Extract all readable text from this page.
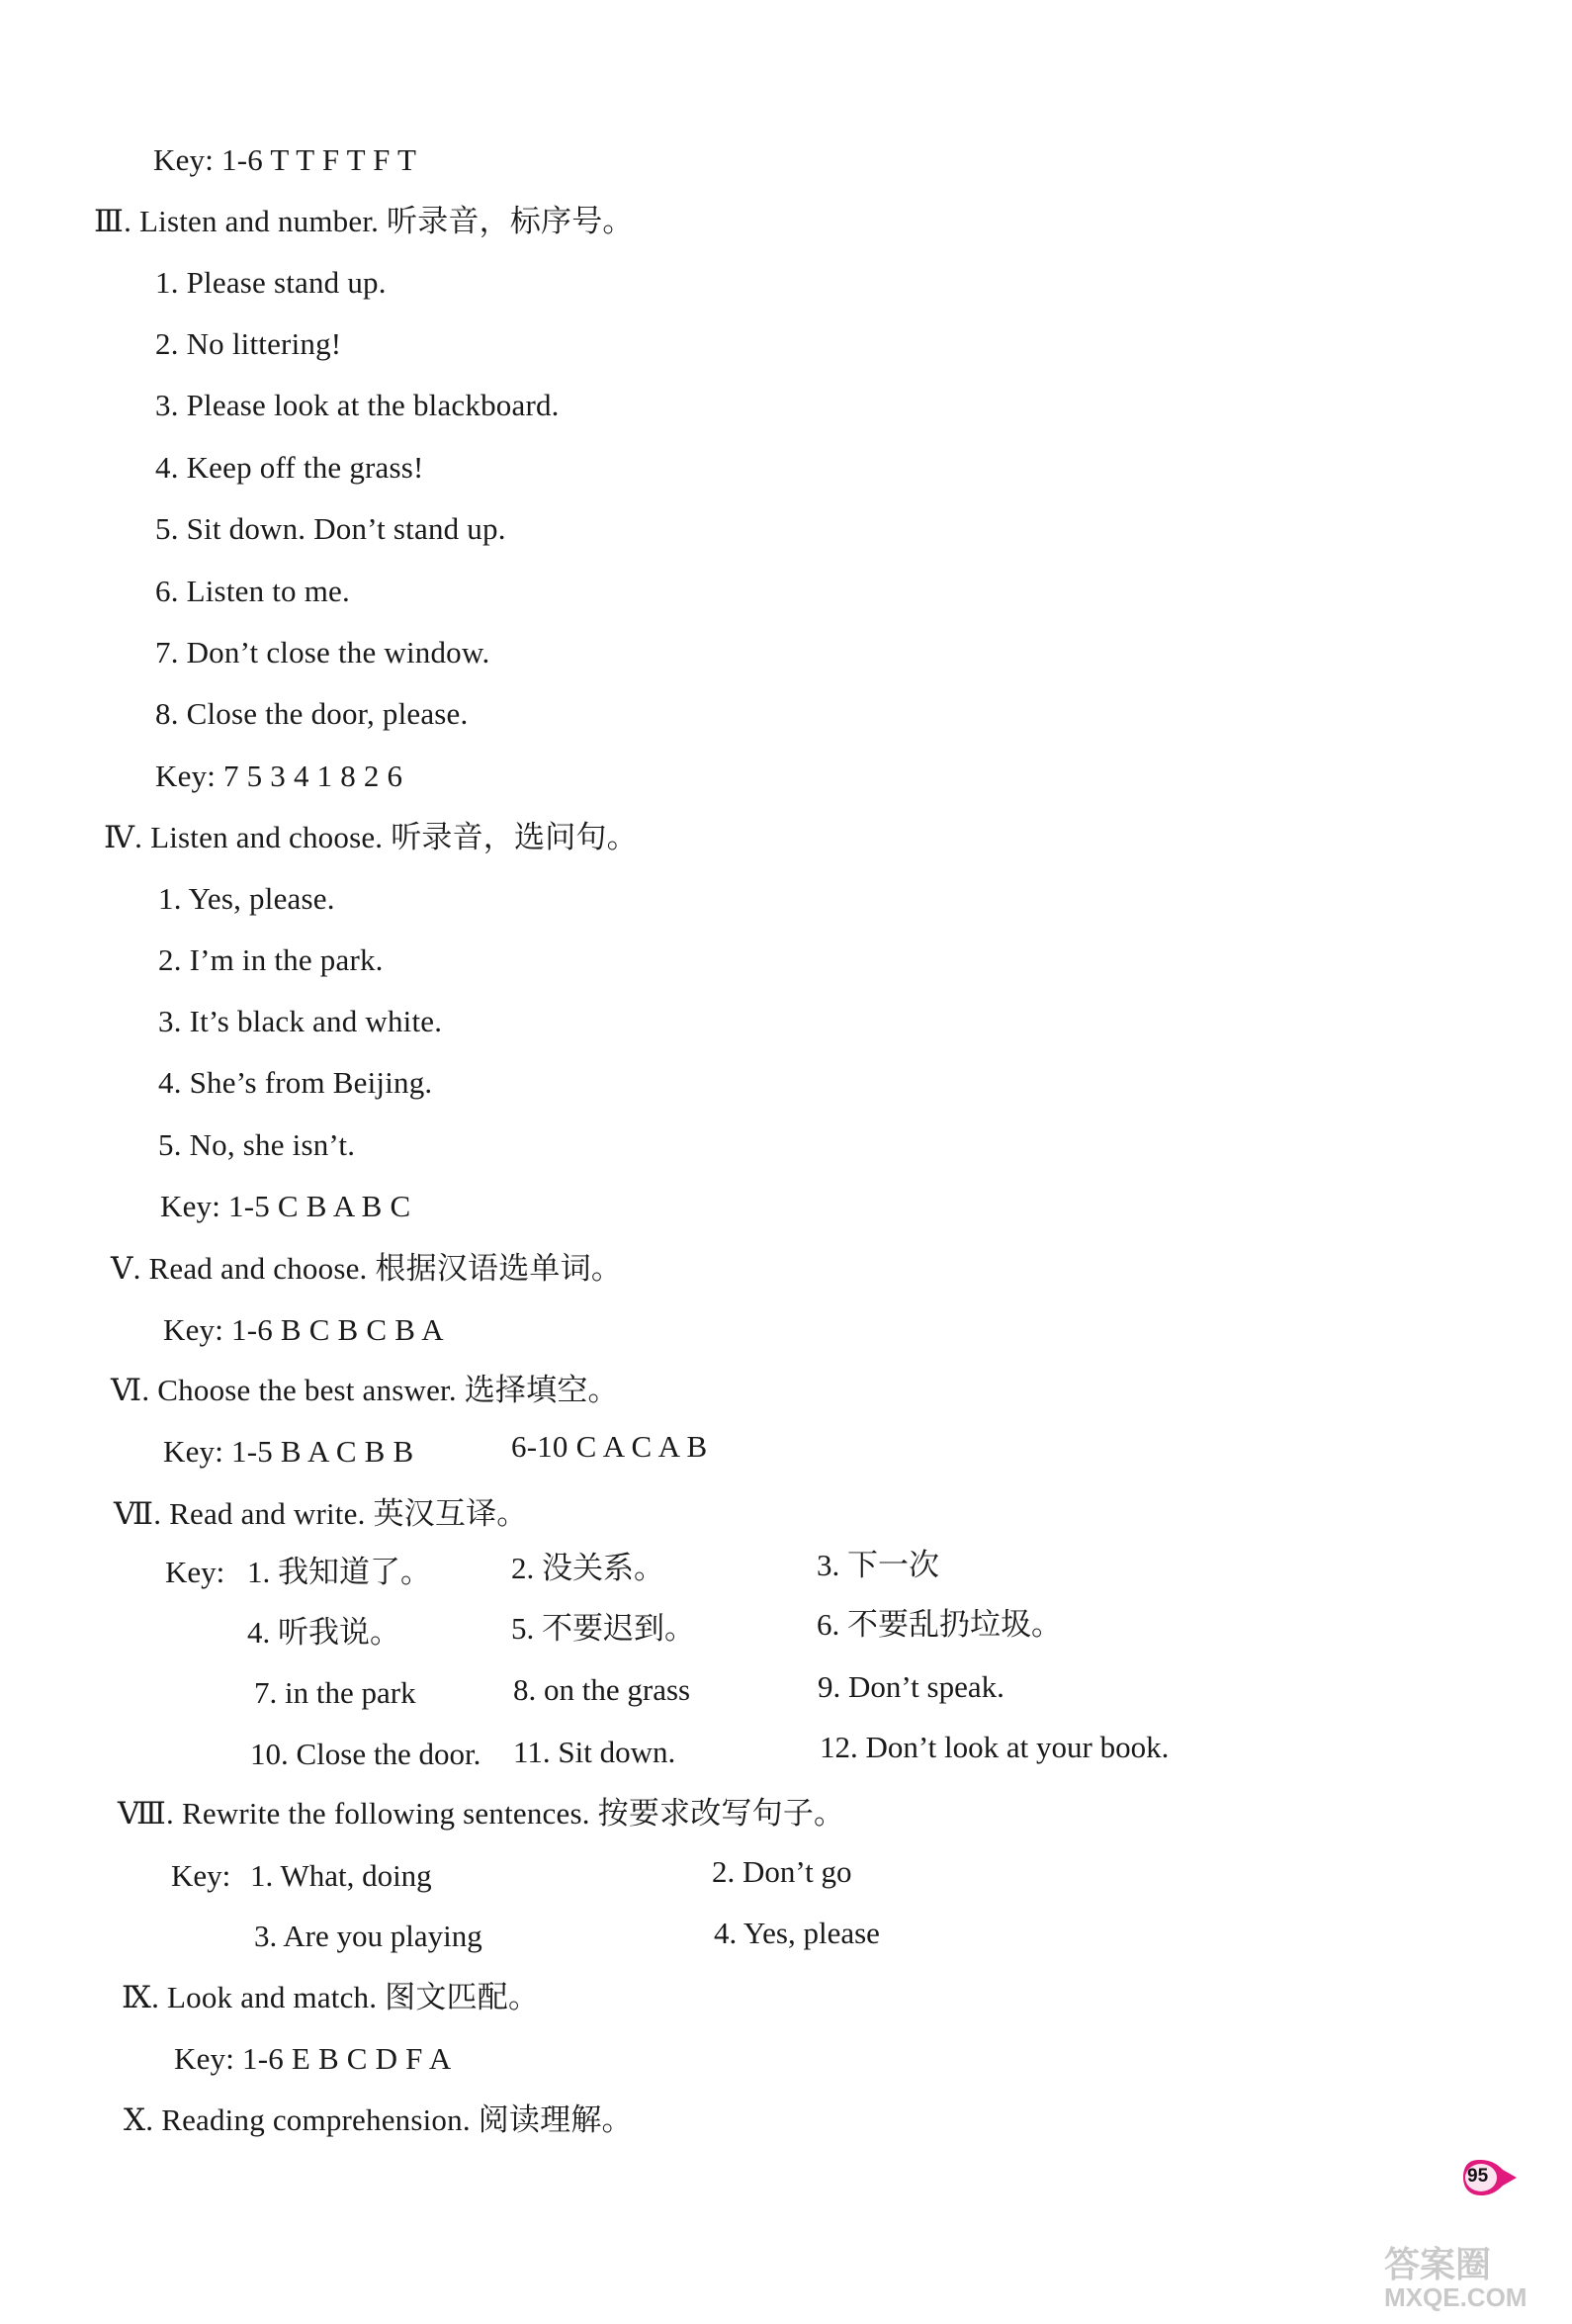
Key: 1-6 T T F T F T
Ⅲ. Listen and number. 听录音，标序号。
1. Please stand up.
2. No littering!
3. Please look at the blackboard.
4. Keep off the grass!
5. Sit down. Don’t stand up.
6. Listen to me.
7. Don’t close the window.
8. Close the door, please.
Key: 7 5 3 4 1 8 2 6
Ⅳ. Listen and choose. 听录音，选问句。
1. Yes, please.
2. I’m in the park.
3. It’s black and white.
4. She’s from Beijing.
5. No, she isn’t.
Key: 1-5 C B A B C
Ⅴ. Read and choose. 根据汉语选单词。
Key: 1-6 B C B C B A
Ⅵ. Choose the best answer. 选择填空。
Key: 1-5 B A C B B	6-10 C A C A B
Ⅶ. Read and write. 英汉互译。
Key: 1. 我知道了。	2. 没关系。	3. 下一次
4. 听我说。	5. 不要迟到。	6. 不要乱扔垃圾。
7. in the park	8. on the grass	9. Don’t speak.
10. Close the door. 11. Sit down.	12. Don’t look at your book.
Ⅷ. Rewrite the following sentences. 按要求改写句子。
Key: 1. What, doing	2. Don’t go
3. Are you playing	4. Yes, please
Ⅸ. Look and match. 图文匹配。
Key: 1-6 E B C D F A
Ⅹ. Reading comprehension. 阅读理解。
95
答案圈
MXQE.COM
